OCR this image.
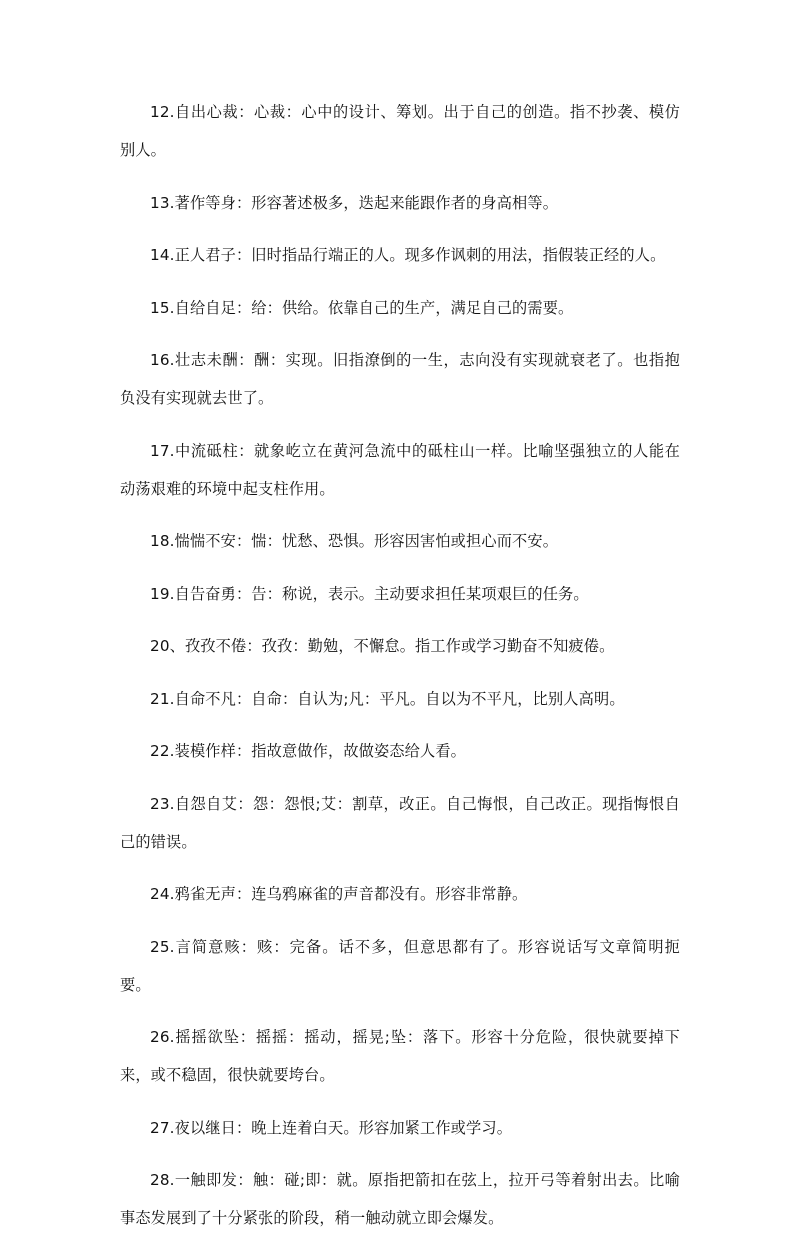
12.自出心裁：心裁：心中的设计、筹划。出于自己的创造。指不抄袭、模仿别人。

13.著作等身：形容著述极多，迭起来能跟作者的身高相等。

14.正人君子：旧时指品行端正的人。现多作讽刺的用法，指假装正经的人。

15.自给自足：给：供给。依靠自己的生产，满足自己的需要。

16.壮志未酬：酬：实现。旧指潦倒的一生，志向没有实现就衰老了。也指抱负没有实现就去世了。

17.中流砥柱：就象屹立在黄河急流中的砥柱山一样。比喻坚强独立的人能在动荡艰难的环境中起支柱作用。

18.惴惴不安：惴：忧愁、恐惧。形容因害怕或担心而不安。

19.自告奋勇：告：称说，表示。主动要求担任某项艰巨的任务。

20、孜孜不倦：孜孜：勤勉，不懈怠。指工作或学习勤奋不知疲倦。

21.自命不凡：自命：自认为;凡：平凡。自以为不平凡，比别人高明。

22.装模作样：指故意做作，故做姿态给人看。

23.自怨自艾：怨：怨恨;艾：割草，改正。自己悔恨，自己改正。现指悔恨自己的错误。

24.鸦雀无声：连乌鸦麻雀的声音都没有。形容非常静。

25.言简意赅：赅：完备。话不多，但意思都有了。形容说话写文章简明扼要。

26.摇摇欲坠：摇摇：摇动，摇晃;坠：落下。形容十分危险，很快就要掉下来，或不稳固，很快就要垮台。

27.夜以继日：晚上连着白天。形容加紧工作或学习。

28.一触即发：触：碰;即：就。原指把箭扣在弦上，拉开弓等着射出去。比喻事态发展到了十分紧张的阶段，稍一触动就立即会爆发。
